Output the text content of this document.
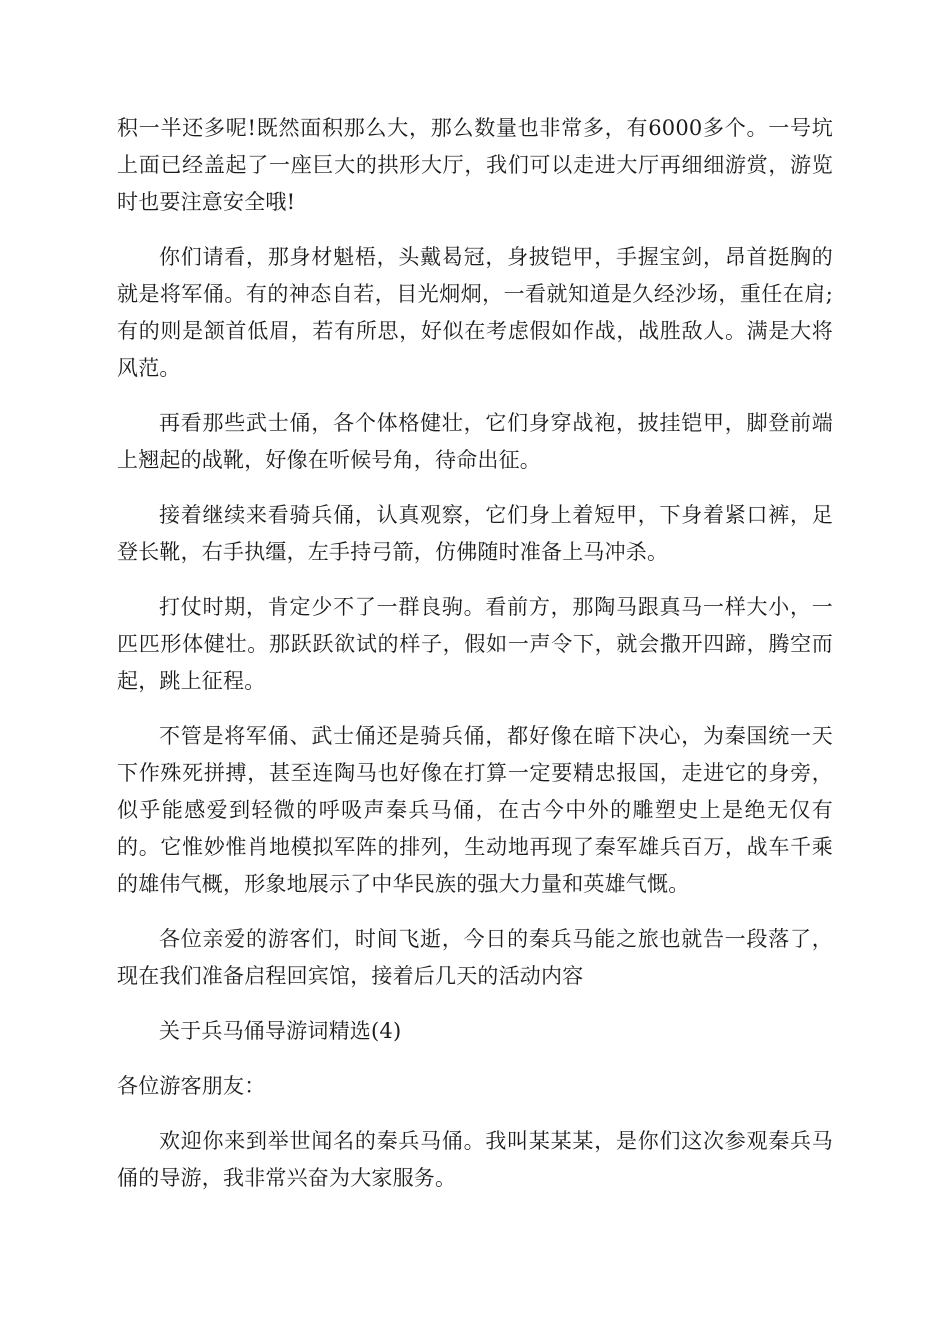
积一半还多呢!既然面积那么大，那么数量也非常多，有6000多个。一号坑上面已经盖起了一座巨大的拱形大厅，我们可以走进大厅再细细游赏，游览时也要注意安全哦!

你们请看，那身材魁梧，头戴曷冠，身披铠甲，手握宝剑，昂首挺胸的就是将军俑。有的神态自若，目光炯炯，一看就知道是久经沙场，重任在肩;有的则是颔首低眉，若有所思，好似在考虑假如作战，战胜敌人。满是大将风范。

再看那些武士俑，各个体格健壮，它们身穿战袍，披挂铠甲，脚登前端上翘起的战靴，好像在听候号角，待命出征。

接着继续来看骑兵俑，认真观察，它们身上着短甲，下身着紧口裤，足登长靴，右手执缰，左手持弓箭，仿佛随时准备上马冲杀。

打仗时期，肯定少不了一群良驹。看前方，那陶马跟真马一样大小，一匹匹形体健壮。那跃跃欲试的样子，假如一声令下，就会撒开四蹄，腾空而起，跳上征程。

不管是将军俑、武士俑还是骑兵俑，都好像在暗下决心，为秦国统一天下作殊死拼搏，甚至连陶马也好像在打算一定要精忠报国，走进它的身旁，似乎能感爱到轻微的呼吸声秦兵马俑，在古今中外的雕塑史上是绝无仅有的。它惟妙惟肖地模拟军阵的排列，生动地再现了秦军雄兵百万，战车千乘的雄伟气概，形象地展示了中华民族的强大力量和英雄气慨。

各位亲爱的游客们，时间飞逝，今日的秦兵马能之旅也就告一段落了，现在我们准备启程回宾馆，接着后几天的活动内容

关于兵马俑导游词精选(4)

各位游客朋友：

欢迎你来到举世闻名的秦兵马俑。我叫某某某，是你们这次参观秦兵马俑的导游，我非常兴奋为大家服务。
